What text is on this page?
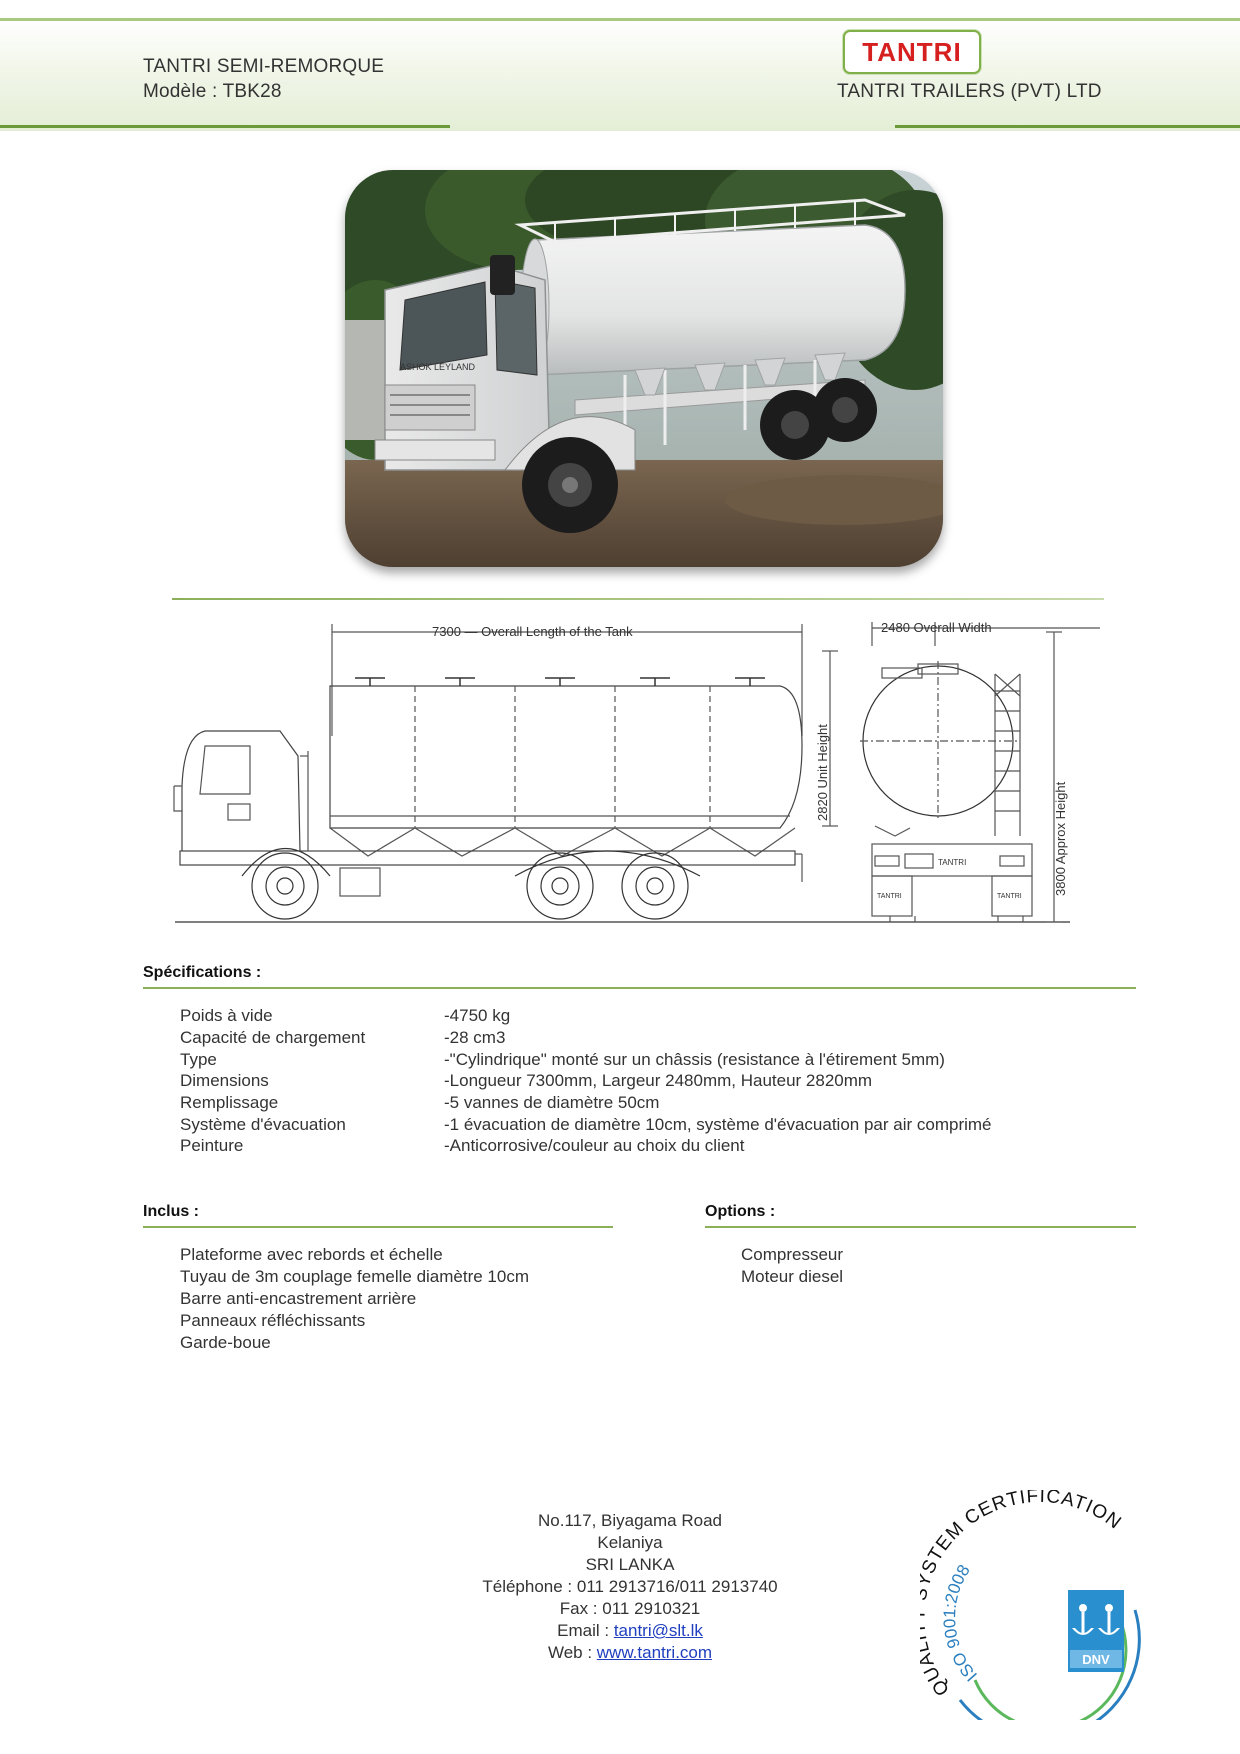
TANTRI SEMI-REMORQUE
Modèle : TBK28
TANTRI
TANTRI TRAILERS (PVT) LTD
ASHOK LEYLAND
7300 — Overall Length of the Tank
2820 Unit Height
2480 Overall Width
TANTRI
TANTRI	TANTRI
3800 Approx Height
Spécifications :
Poids à vide	-4750 kg
Capacité de chargement	-28 cm3
Type	-"Cylindrique" monté sur un châssis (resistance à l'étirement 5mm)
Dimensions	-Longueur 7300mm, Largeur 2480mm, Hauteur 2820mm
Remplissage	-5 vannes de diamètre 50cm
Système d'évacuation	-1 évacuation de diamètre 10cm, système d'évacuation par air comprimé
Peinture	-Anticorrosive/couleur au choix du client
Inclus :
Plateforme avec rebords et échelle
Tuyau de 3m couplage femelle diamètre 10cm
Barre anti-encastrement arrière
Panneaux réfléchissants
Garde-boue
Options :
Compresseur
Moteur diesel
No.117, Biyagama Road
Kelaniya
SRI LANKA
Téléphone : 011 2913716/011 2913740
Fax : 011 2910321
Email : tantri@slt.lk
Web : www.tantri.com
QU STEM CERTIFICATION
ISO 9001:2008
DNV
